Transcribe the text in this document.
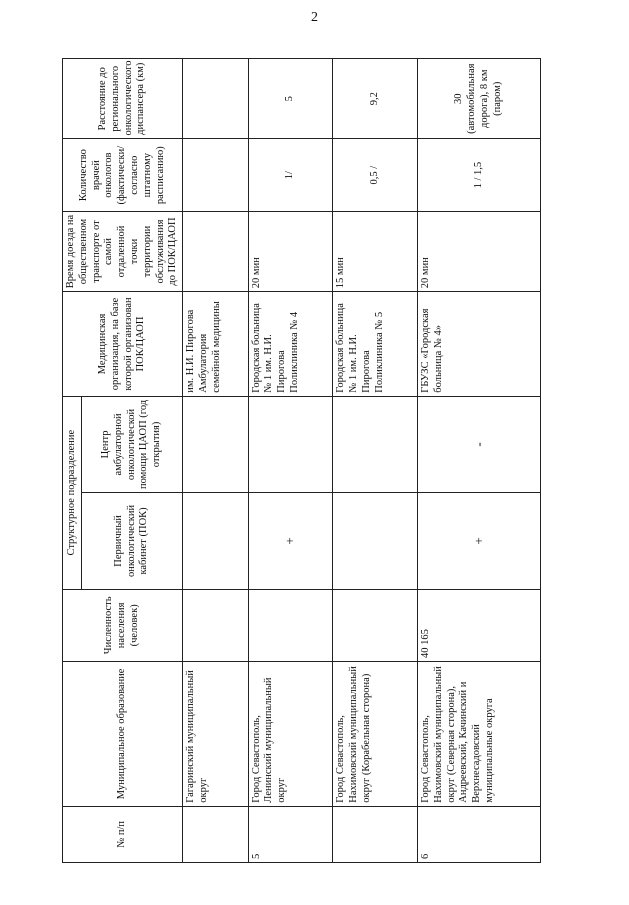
2
№ п/п	Муниципальное образование	Численность населения (человек)	Структурное подразделение		Медицинская организация, на базе которой организован ПОК/ЦАОП	Время доезда на общественном транспорте от самой отдаленной точки территории обслуживания до ПОК/ЦАОП	Количество врачей онкологов (фактически/ согласно штатному расписанию)	Расстояние до регионального онкологического диспансера (км)
			Первичный онкологический кабинет (ПОК)	Центр амбулаторной онкологической помощи ЦАОП (год открытия)				
	Гагаринский муниципальный округ				им. Н.И. Пирогова Амбулатория семейной медицины			
5	Город Севастополь, Ленинский муниципальный округ		+		Городская больница № 1 им. Н.И. Пирогова Поликлиника № 4	20 мин	1/	5
	Город Севастополь, Нахимовский муниципальный округ (Корабельная сторона)				Городская больница № 1 им. Н.И. Пирогова Поликлиника № 5	15 мин	0,5 /	9,2
6	Город Севастополь, Нахимовский муниципальный округ (Северная сторона), Андреевский, Качинский и Верхнесадовский муниципальные округа	40 165	+	-	ГБУЗС «Городская больница № 4»	20 мин	1 / 1,5	30 (автомобильная дорога), 8 км (паром)
